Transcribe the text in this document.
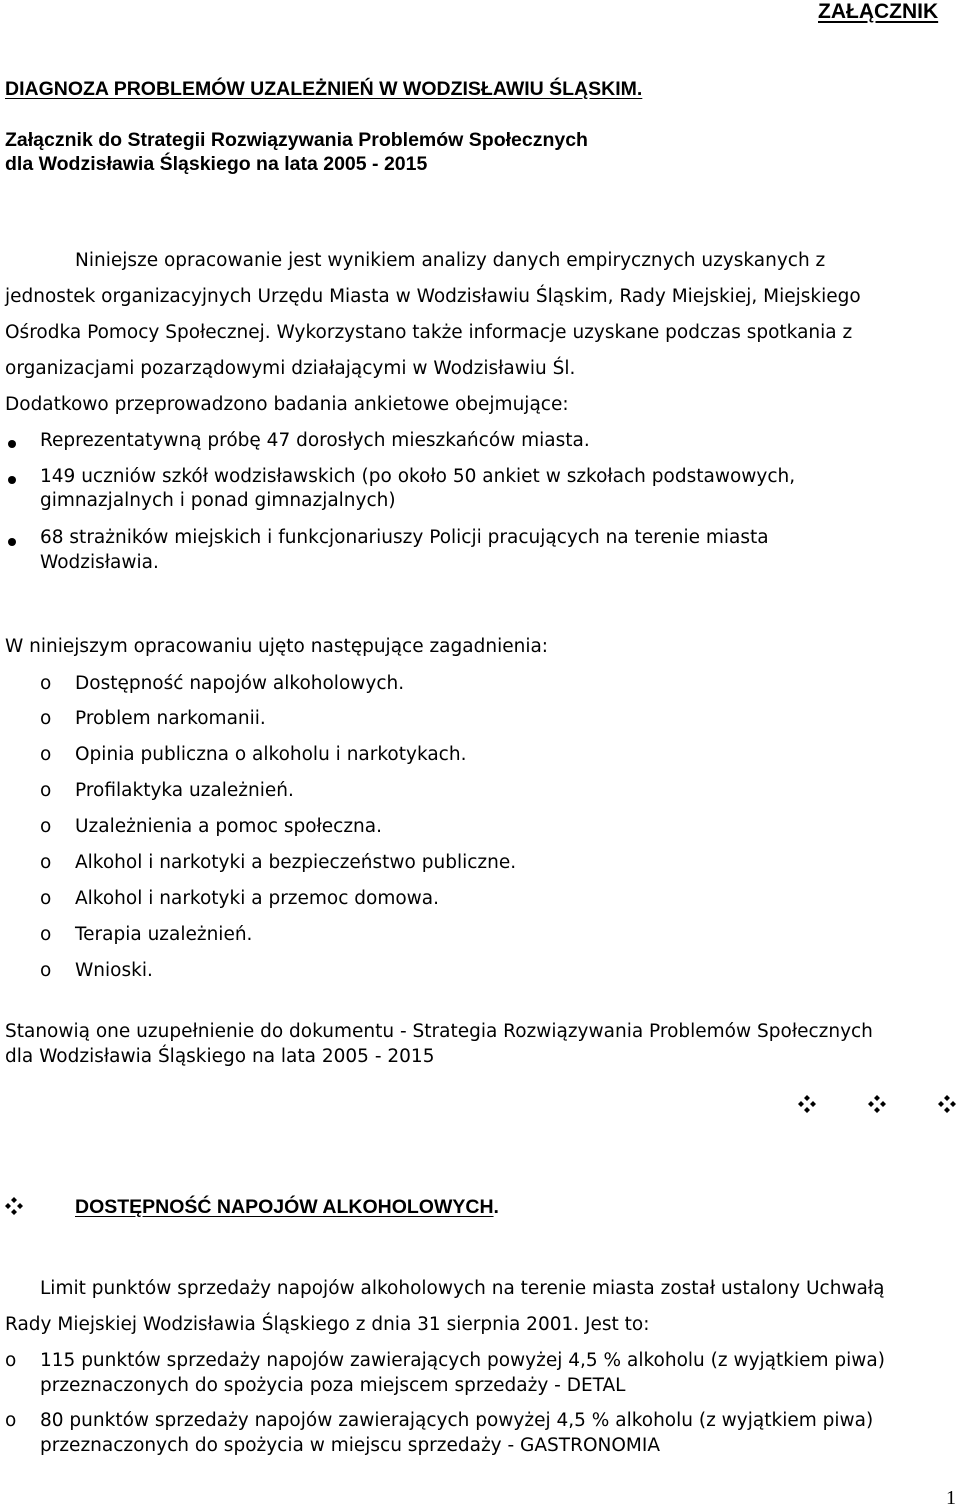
ZAŁĄCZNIK
DIAGNOZA PROBLEMÓW UZALEŻNIEŃ W WODZISŁAWIU ŚLĄSKIM.
Załącznik do Strategii Rozwiązywania Problemów Społecznych
dla Wodzisławia Śląskiego na lata 2005 - 2015
Niniejsze opracowanie jest wynikiem analizy danych empirycznych uzyskanych z
jednostek organizacyjnych Urzędu Miasta w Wodzisławiu Śląskim, Rady Miejskiej, Miejskiego
Ośrodka Pomocy Społecznej. Wykorzystano także informacje uzyskane podczas spotkania z
organizacjami pozarządowymi działającymi w Wodzisławiu Śl.
Dodatkowo przeprowadzono badania ankietowe obejmujące:
Reprezentatywną próbę 47 dorosłych mieszkańców miasta.
149 uczniów szkół wodzisławskich (po około 50 ankiet w szkołach podstawowych,
gimnazjalnych i ponad gimnazjalnych)
68 strażników miejskich i funkcjonariuszy Policji pracujących na terenie miasta
Wodzisławia.
W niniejszym opracowaniu ujęto następujące zagadnienia:
o Dostępność napojów alkoholowych.
o Problem narkomanii.
o Opinia publiczna o alkoholu i narkotykach.
o Profilaktyka uzależnień.
o Uzależnienia a pomoc społeczna.
o Alkohol i narkotyki a bezpieczeństwo publiczne.
o Alkohol i narkotyki a przemoc domowa.
o Terapia uzależnień.
o Wnioski.
Stanowią one uzupełnienie do dokumentu - Strategia Rozwiązywania Problemów Społecznych
dla Wodzisławia Śląskiego na lata 2005 - 2015
DOSTĘPNOŚĆ NAPOJÓW ALKOHOLOWYCH.
Limit punktów sprzedaży napojów alkoholowych na terenie miasta został ustalony Uchwałą
Rady Miejskiej Wodzisławia Śląskiego z dnia 31 sierpnia 2001. Jest to:
o 115 punktów sprzedaży napojów zawierających powyżej 4,5 % alkoholu (z wyjątkiem piwa)
przeznaczonych do spożycia poza miejscem sprzedaży - DETAL
o 80 punktów sprzedaży napojów zawierających powyżej 4,5 % alkoholu (z wyjątkiem piwa)
przeznaczonych do spożycia w miejscu sprzedaży - GASTRONOMIA
1
